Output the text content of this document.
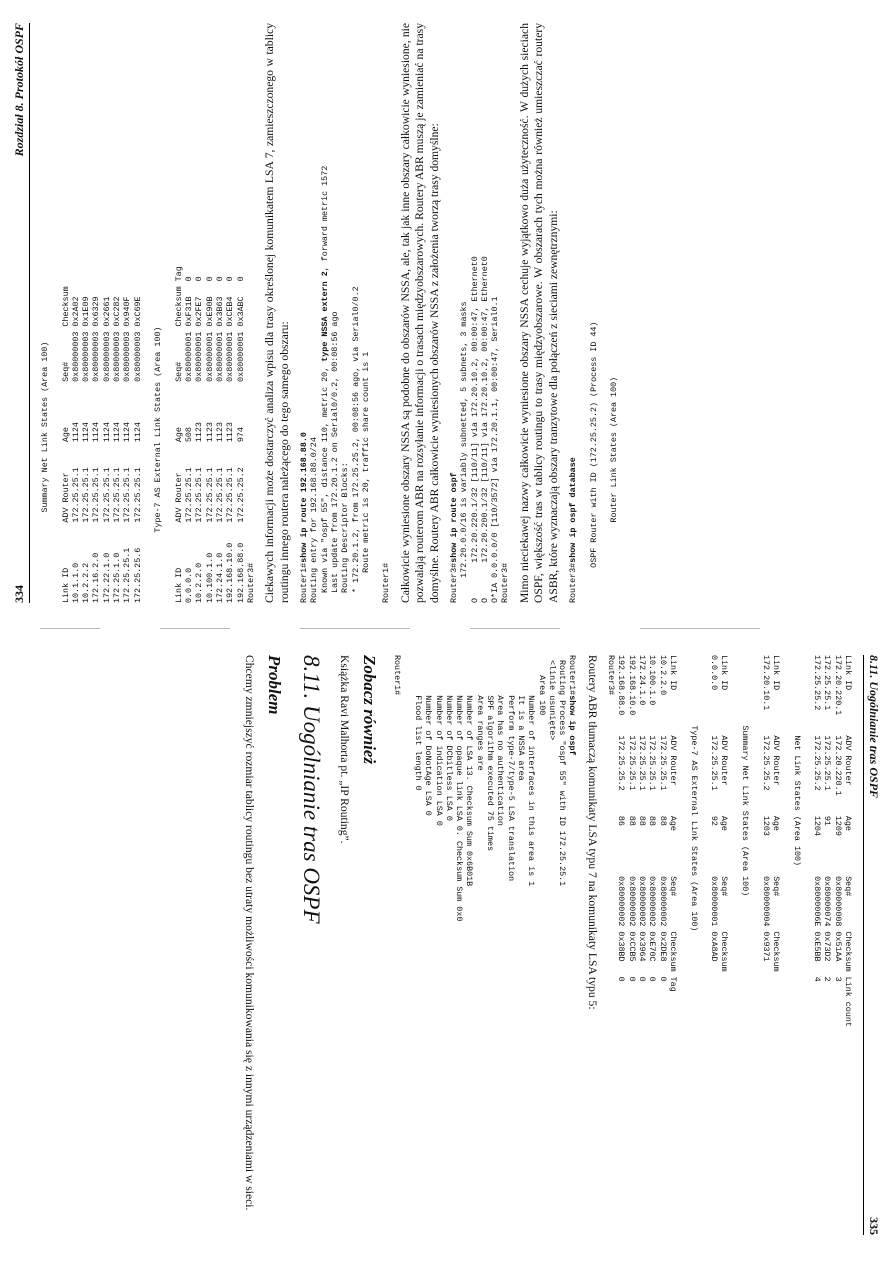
334
Rozdział 8. Protokół OSPF
Summary Net Link States (Area 100)
Link ID         ADV Router      Age         Seq#       Checksum 10.1.1.0        172.25.25.1     1124        0x80000003 0x2A02 10.2.2.2        172.25.25.1     1124        0x80000003 0x1E09 172.16.2.0      172.25.25.1     1124        0x80000003 0x6329 172.22.1.0      172.25.25.1     1124        0x80000003 0x2661 172.25.1.0      172.25.25.1     1124        0x80000003 0xC282 172.25.25.1     172.25.25.1     1124        0x80000003 0x940F 172.25.25.6     172.25.25.1     1124        0x80000003 0xC69E
Type-7 AS External Link States (Area 100)
Link ID         ADV Router      Age         Seq#       Checksum Tag 0.0.0.0         172.25.25.1     508         0x80000001 0xF31B   0 10.2.2.0        172.25.25.1     1123        0x80000001 0x2FE7   0 10.100.1.0      172.25.25.1     1123        0x80000001 0xE90B   0 172.24.1.0      172.25.25.1     1123        0x80000001 0x3B63   0 192.168.10.0    172.25.25.1     1123        0x80000001 0xCEB4   0 192.168.88.0    172.25.25.2     974         0x80000001 0x3ABC   0 Router3# Ciekawych informacji może dostarczyć analiza wpisu dla trasy określonej komunikatem LSA 7, zamieszczonego w tablicy routingu innego routera należącego do tego samego obszaru: Router1#show ip route 192.168.88.0 Routing entry for 192.168.88.0/24 Known via "ospf 55", distance 110, metric 20, type NSSA extern 2, forward metric 1572
Last update from 172.20.1.2 on Serial0/0.2, 00:08:56 ago Routing Descriptor Blocks: * 172.20.1.2, from 172.25.25.2, 00:08:56 ago, via Serial0/0.2 Route metric is 20, traffic share count is 1
Router1# Całkowicie wyniesione obszary NSSA są podobne do obszarów NSSA, ale, tak jak inne obszary całkowicie wyniesione, nie pozwalają routerom ABR na rozsyłanie informacji o trasach międzyobszarowych. Routery ABR muszą je zamieniać na trasy domyślne. Routery ABR całkowicie wyniesionych obszarów NSSA z założenia tworzą trasy domyślne: Router3#show ip route ospf 172.20.0.0/16 is variably subnetted, 5 subnets, 3 masks O       172.20.220.1/32 [110/11] via 172.20.10.2, 00:00:47, Ethernet0 O       172.20.200.1/32 [110/11] via 172.20.10.2, 00:00:47, Ethernet0 O*IA 0.0.0.0/0 [110/3572] via 172.20.1.1, 00:00:47, Serial0.1 Router3# Mimo nieciekawej nazwy całkowicie wyniesione obszary NSSA cechuje wyjątkowo duża użyteczność. W dużych sieciach OSPF, większość tras w tablicy routingu to trasy międzyobszarowe. W obszarach tych można również umieszczać routery ASBR, które wyznaczają obszary tranzytowe dla połączeń z sieciami zewnętrznymi: Router3#show ip ospf database
OSPF Router with ID (172.25.25.2) (Process ID 44)
Router Link States (Area 100)
8.11. Uogólnianie tras OSPF
335
Link ID         ADV Router      Age         Seq#       Checksum Link count
172.20.220.1    172.20.220.1    1209        0x80000008 0x51AA   3
172.25.25.1     172.25.25.1     91          0x80000074 0x73D2   2
172.25.25.2     172.25.25.2     1204        0x8000006E 0xE5BB   4

Net Link States (Area 100)

Link ID         ADV Router      Age         Seq#       Checksum
172.20.10.1     172.25.25.2     1203        0x80000004 0x9371

Summary Net Link States (Area 100)

Link ID         ADV Router      Age         Seq#       Checksum
0.0.0.0         172.25.25.1     92          0x80000001 0xA8AD

Type-7 AS External Link States (Area 100)

Link ID         ADV Router      Age         Seq#       Checksum Tag
10.2.2.0        172.25.25.1     88          0x80000002 0x2DE8   0
10.100.1.0      172.25.25.1     88          0x80000002 0xE70C   0
172.24.1.0      172.25.25.1     88          0x80000002 0x3964   0
192.168.10.0    172.25.25.1     88          0x80000002 0xCCB5   0
192.168.88.0    172.25.25.2     86          0x80000002 0x38BD   0
Router3#

Routery ABR tłumaczą komunikaty LSA typu 7 na komunikaty LSA typu 5:

Router1#show ip ospf
Routing Process "ospf 55" with ID 172.25.25.1
<linie usunięte>
Area 100
Number of interfaces in this area is 1
It is a NSSA area
Perform type-7/type-5 LSA translation
Area has no authentication
SPF algorithm executed 75 times
Area ranges are
Number of LSA 13. Checksum Sum 0x6B01B
Number of opaque link LSA 0. Checksum Sum 0x0
Number of DCbitless LSA 0
Number of indication LSA 0
Number of DoNotAge LSA 0
Flood list length 0

Router1#
Zobacz również

Książka Ravi Malhorta pt. „IP Routing”.

8.11. Uogólnianie tras OSPF
Problem

Chcemy zmniejszyć rozmiar tablicy routingu bez utraty możliwości komunikowania się z innymi urządzeniami w sieci.
